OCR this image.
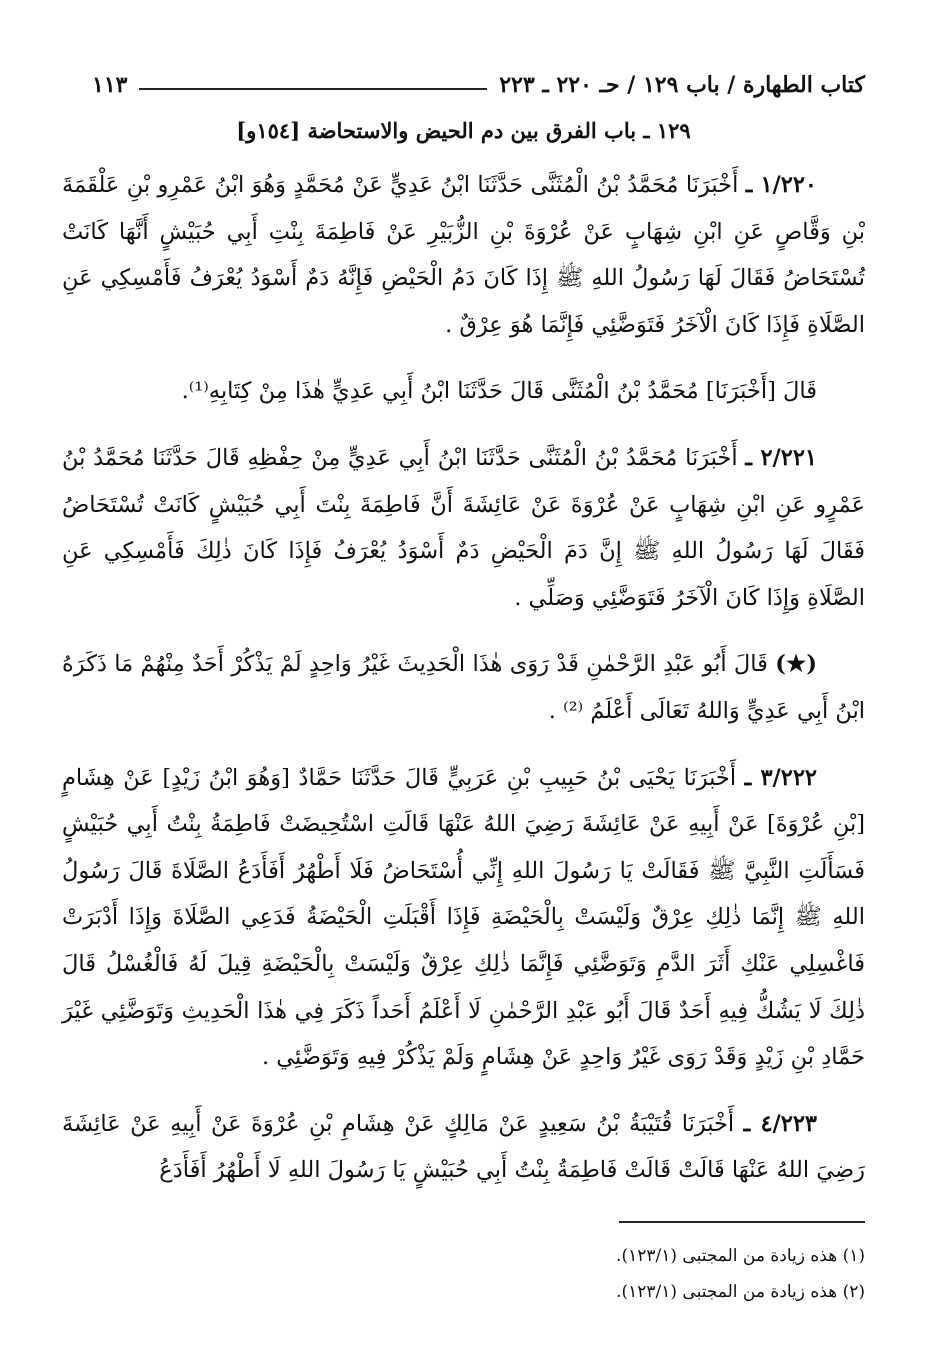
كتاب الطهارة / باب ١٢٩ / حـ ٢٢٠ ـ ٢٢٣
١١٣
١٢٩ ـ باب الفرق بين دم الحيض والاستحاضة [١٥٤و]

١/٢٢٠ ـ أَخْبَرَنَا مُحَمَّدُ بْنُ الْمُثَنَّى حَدَّثَنَا ابْنُ عَدِيٍّ عَنْ مُحَمَّدٍ وَهُوَ ابْنُ عَمْرِو بْنِ عَلْقَمَةَ بْنِ وَقَّاصٍ عَنِ ابْنِ شِهَابٍ عَنْ عُرْوَةَ بْنِ الزُّبَيْرِ عَنْ فَاطِمَةَ بِنْتِ أَبِي حُبَيْشٍ أَنَّهَا كَانَتْ تُسْتَحَاضُ فَقَالَ لَهَا رَسُولُ اللهِ ﷺ إِذَا كَانَ دَمُ الْحَيْضِ فَإِنَّهُ دَمٌ أَسْوَدُ يُعْرَفُ فَأَمْسِكِي عَنِ الصَّلَاةِ فَإِذَا كَانَ الْآخَرُ فَتَوَضَّئِي فَإِنَّمَا هُوَ عِرْقٌ .

قَالَ [أَخْبَرَنَا] مُحَمَّدُ بْنُ الْمُثَنَّى قَالَ حَدَّثَنَا ابْنُ أَبِي عَدِيٍّ هٰذَا مِنْ كِتَابِهِ⁽¹⁾.

٢/٢٢١ ـ أَخْبَرَنَا مُحَمَّدُ بْنُ الْمُثَنَّى حَدَّثَنَا ابْنُ أَبِي عَدِيٍّ مِنْ حِفْظِهِ قَالَ حَدَّثَنَا مُحَمَّدُ بْنُ عَمْرٍو عَنِ ابْنِ شِهَابٍ عَنْ عُرْوَةَ عَنْ عَائِشَةَ أَنَّ فَاطِمَةَ بِنْتَ أَبِي حُبَيْشٍ كَانَتْ تُسْتَحَاضُ فَقَالَ لَهَا رَسُولُ اللهِ ﷺ إِنَّ دَمَ الْحَيْضِ دَمٌ أَسْوَدُ يُعْرَفُ فَإِذَا كَانَ ذٰلِكَ فَأَمْسِكِي عَنِ الصَّلَاةِ وَإِذَا كَانَ الْآخَرُ فَتَوَضَّئِي وَصَلِّي .

(★) قَالَ أَبُو عَبْدِ الرَّحْمٰنِ قَدْ رَوَى هٰذَا الْحَدِيثَ غَيْرُ وَاحِدٍ لَمْ يَذْكُرْ أَحَدٌ مِنْهُمْ مَا ذَكَرَهُ ابْنُ أَبِي عَدِيٍّ وَاللهُ تَعَالَى أَعْلَمُ ⁽²⁾ .

٣/٢٢٢ ـ أَخْبَرَنَا يَحْيَى بْنُ حَبِيبِ بْنِ عَرَبِيٍّ قَالَ حَدَّثَنَا حَمَّادٌ [وَهُوَ ابْنُ زَيْدٍ] عَنْ هِشَامٍ [بْنِ عُرْوَةَ] عَنْ أَبِيهِ عَنْ عَائِشَةَ رَضِيَ اللهُ عَنْهَا قَالَتِ اسْتُحِيضَتْ فَاطِمَةُ بِنْتُ أَبِي حُبَيْشٍ فَسَأَلَتِ النَّبِيَّ ﷺ فَقَالَتْ يَا رَسُولَ اللهِ إِنِّي أُسْتَحَاضُ فَلَا أَطْهُرُ أَفَأَدَعُ الصَّلَاةَ قَالَ رَسُولُ اللهِ ﷺ إِنَّمَا ذٰلِكِ عِرْقٌ وَلَيْسَتْ بِالْحَيْضَةِ فَإِذَا أَقْبَلَتِ الْحَيْضَةُ فَدَعِي الصَّلَاةَ وَإِذَا أَدْبَرَتْ فَاغْسِلِي عَنْكِ أَثَرَ الدَّمِ وَتَوَضَّئِي فَإِنَّمَا ذٰلِكِ عِرْقٌ وَلَيْسَتْ بِالْحَيْضَةِ قِيلَ لَهُ فَالْغُسْلُ قَالَ ذٰلِكَ لَا يَشُكُّ فِيهِ أَحَدٌ قَالَ أَبُو عَبْدِ الرَّحْمٰنِ لَا أَعْلَمُ أَحَداً ذَكَرَ فِي هٰذَا الْحَدِيثِ وَتَوَضَّئِي غَيْرَ حَمَّادِ بْنِ زَيْدٍ وَقَدْ رَوَى غَيْرُ وَاحِدٍ عَنْ هِشَامٍ وَلَمْ يَذْكُرْ فِيهِ وَتَوَضَّئِي .

٤/٢٢٣ ـ أَخْبَرَنَا قُتَيْبَةُ بْنُ سَعِيدٍ عَنْ مَالِكٍ عَنْ هِشَامِ بْنِ عُرْوَةَ عَنْ أَبِيهِ عَنْ عَائِشَةَ رَضِيَ اللهُ عَنْهَا قَالَتْ قَالَتْ فَاطِمَةُ بِنْتُ أَبِي حُبَيْشٍ يَا رَسُولَ اللهِ لَا أَطْهُرُ أَفَأَدَعُ

(١) هذه زيادة من المجتبى (١٢٣/١).
(٢) هذه زيادة من المجتبى (١٢٣/١).
